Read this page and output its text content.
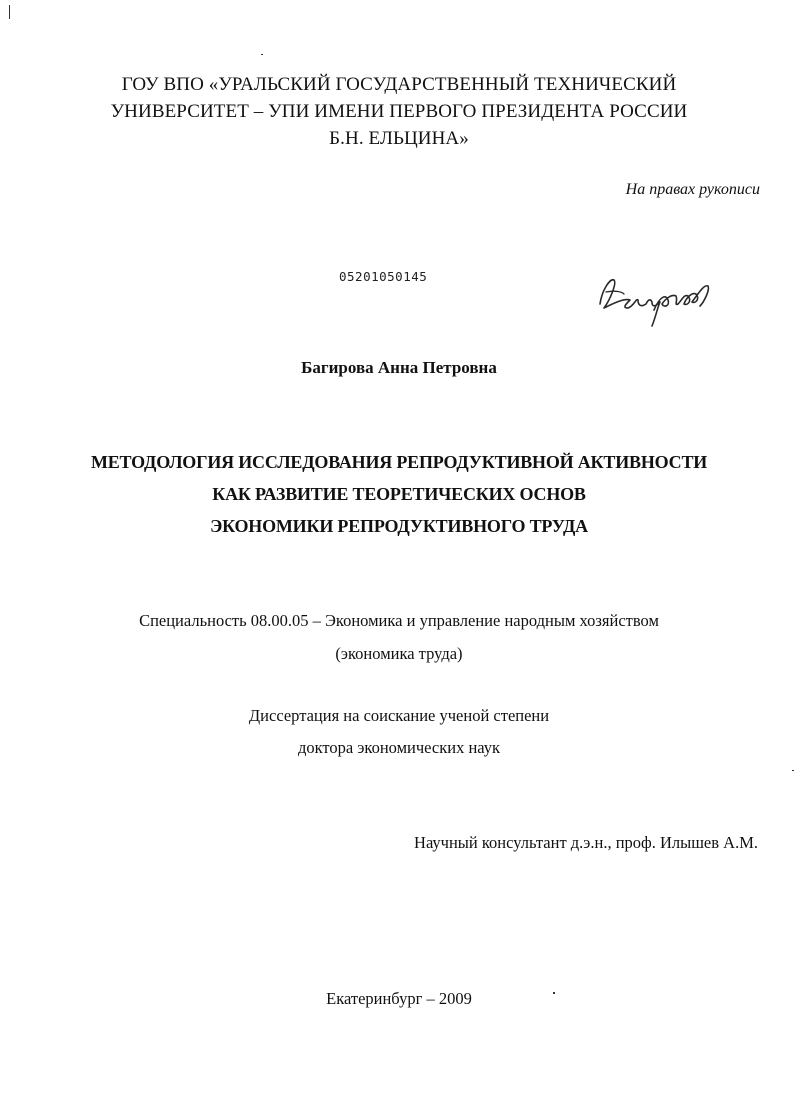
ГОУ ВПО «УРАЛЬСКИЙ ГОСУДАРСТВЕННЫЙ ТЕХНИЧЕСКИЙ
УНИВЕРСИТЕТ – УПИ ИМЕНИ ПЕРВОГО ПРЕЗИДЕНТА РОССИИ
Б.Н. ЕЛЬЦИНА»
На правах рукописи
05201050145
Багирова Анна Петровна
МЕТОДОЛОГИЯ ИССЛЕДОВАНИЯ РЕПРОДУКТИВНОЙ АКТИВНОСТИ
КАК РАЗВИТИЕ ТЕОРЕТИЧЕСКИХ ОСНОВ
ЭКОНОМИКИ РЕПРОДУКТИВНОГО ТРУДА
Специальность 08.00.05 – Экономика и управление народным хозяйством
(экономика труда)
Диссертация на соискание ученой степени
доктора экономических наук
Научный консультант д.э.н., проф. Илышев А.М.
Екатеринбург – 2009
